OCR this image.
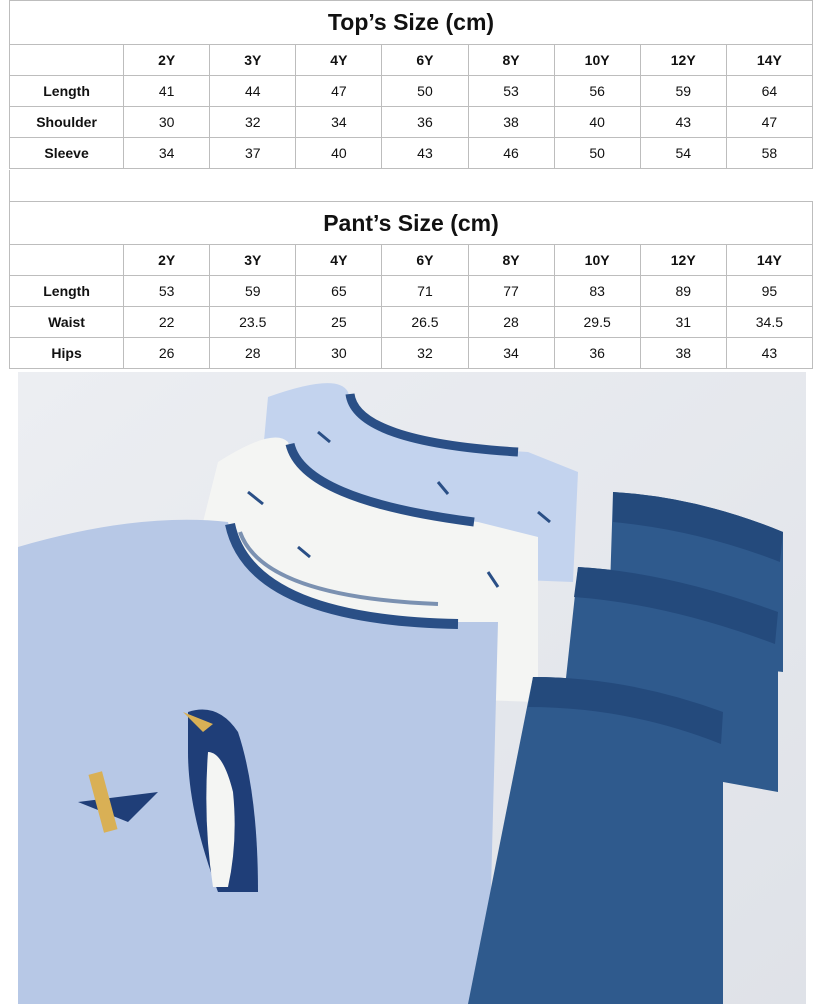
Top’s Size (cm)								
	2Y	3Y	4Y	6Y	8Y	10Y	12Y	14Y
Length	41	44	47	50	53	56	59	64
Shoulder	30	32	34	36	38	40	43	47
Sleeve	34	37	40	43	46	50	54	58
Pant’s Size (cm)								
	2Y	3Y	4Y	6Y	8Y	10Y	12Y	14Y
Length	53	59	65	71	77	83	89	95
Waist	22	23.5	25	26.5	28	29.5	31	34.5
Hips	26	28	30	32	34	36	38	43
